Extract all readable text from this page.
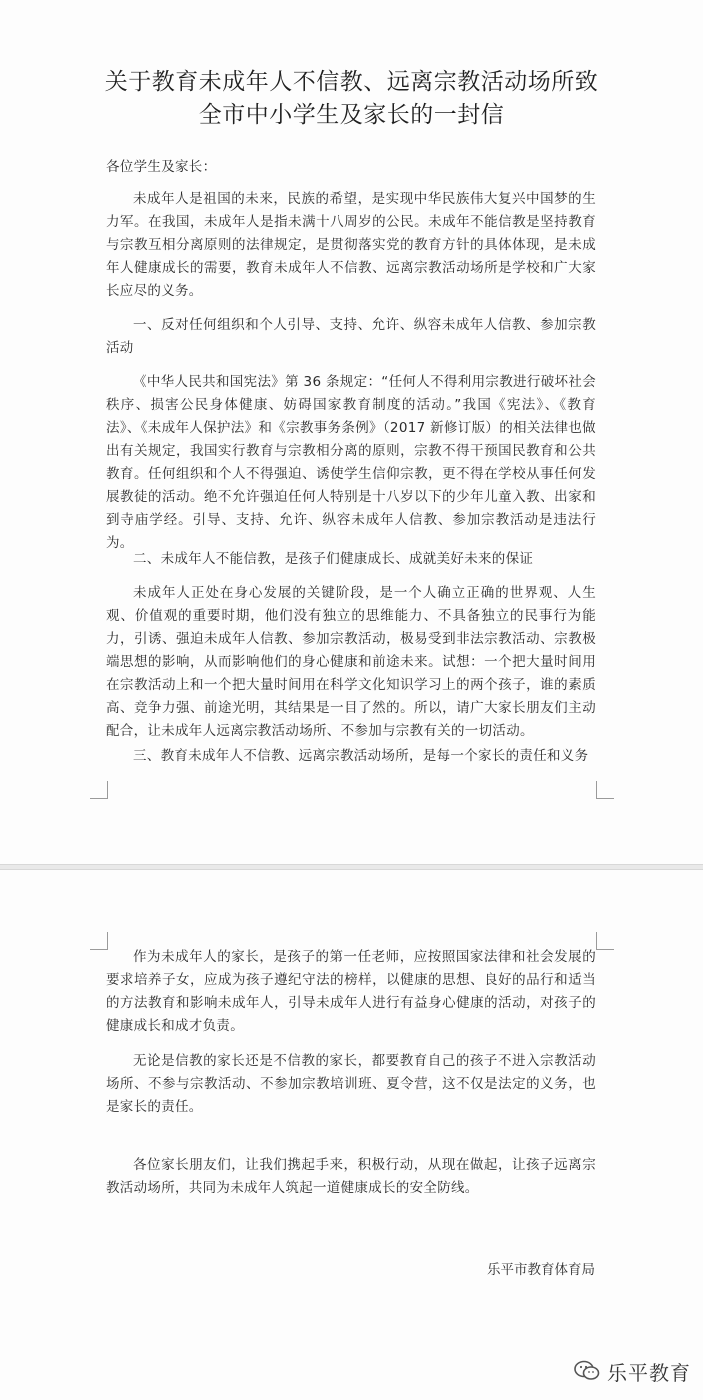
关于教育未成年人不信教、远离宗教活动场所致全市中小学生及家长的一封信

各位学生及家长：

未成年人是祖国的未来，民族的希望，是实现中华民族伟大复兴中国梦的生力军。在我国，未成年人是指未满十八周岁的公民。未成年不能信教是坚持教育与宗教互相分离原则的法律规定，是贯彻落实党的教育方针的具体体现，是未成年人健康成长的需要，教育未成年人不信教、远离宗教活动场所是学校和广大家长应尽的义务。

一、反对任何组织和个人引导、支持、允许、纵容未成年人信教、参加宗教活动

《中华人民共和国宪法》第 36 条规定：“任何人不得利用宗教进行破坏社会秩序、损害公民身体健康、妨碍国家教育制度的活动。”我国《宪法》、《教育法》、《未成年人保护法》和《宗教事务条例》（2017 新修订版）的相关法律也做出有关规定，我国实行教育与宗教相分离的原则，宗教不得干预国民教育和公共教育。任何组织和个人不得强迫、诱使学生信仰宗教，更不得在学校从事任何发展教徒的活动。绝不允许强迫任何人特别是十八岁以下的少年儿童入教、出家和到寺庙学经。引导、支持、允许、纵容未成年人信教、参加宗教活动是违法行为。

二、未成年人不能信教，是孩子们健康成长、成就美好未来的保证

未成年人正处在身心发展的关键阶段，是一个人确立正确的世界观、人生观、价值观的重要时期，他们没有独立的思维能力、不具备独立的民事行为能力，引诱、强迫未成年人信教、参加宗教活动，极易受到非法宗教活动、宗教极端思想的影响，从而影响他们的身心健康和前途未来。试想：一个把大量时间用在宗教活动上和一个把大量时间用在科学文化知识学习上的两个孩子，谁的素质高、竞争力强、前途光明，其结果是一目了然的。所以，请广大家长朋友们主动配合，让未成年人远离宗教活动场所、不参加与宗教有关的一切活动。

三、教育未成年人不信教、远离宗教活动场所，是每一个家长的责任和义务

作为未成年人的家长，是孩子的第一任老师，应按照国家法律和社会发展的要求培养子女，应成为孩子遵纪守法的榜样，以健康的思想、良好的品行和适当的方法教育和影响未成年人，引导未成年人进行有益身心健康的活动，对孩子的健康成长和成才负责。

无论是信教的家长还是不信教的家长，都要教育自己的孩子不进入宗教活动场所、不参与宗教活动、不参加宗教培训班、夏令营，这不仅是法定的义务，也是家长的责任。

各位家长朋友们，让我们携起手来，积极行动，从现在做起，让孩子远离宗教活动场所，共同为未成年人筑起一道健康成长的安全防线。

乐平市教育体育局

乐平教育
